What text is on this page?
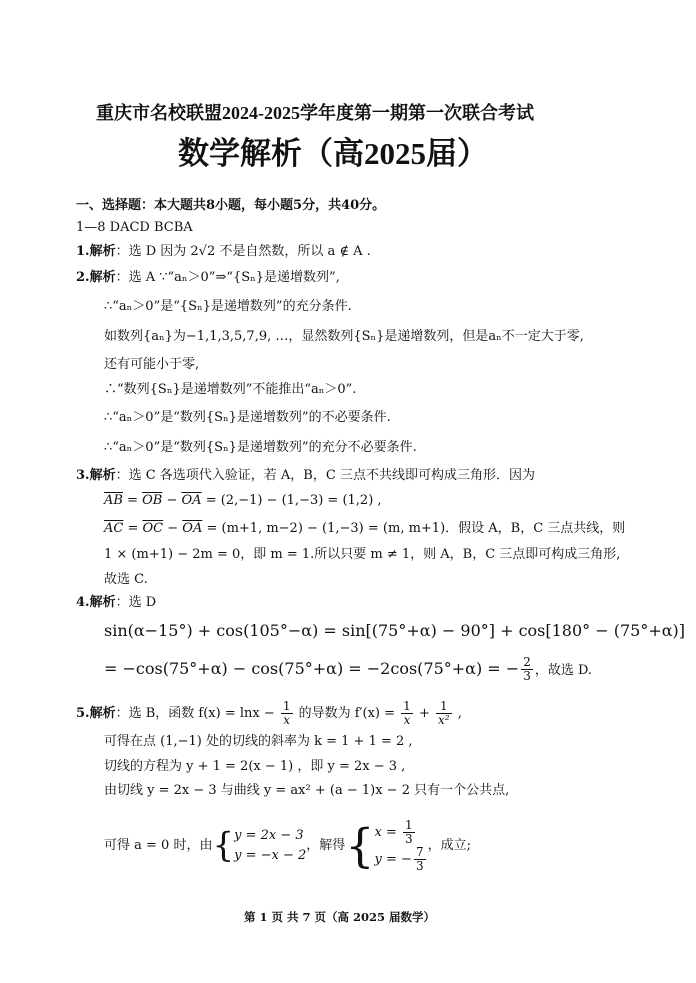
重庆市名校联盟2024-2025学年度第一期第一次联合考试
数学解析（高2025届）
一、选择题：本大题共8小题，每小题5分，共40分。
1—8 DACD BCBA
1.解析：选 D 因为 2√2 不是自然数，所以 a ∉ A .
2.解析：选 A ∵“aₙ＞0”⇒“{Sₙ}是递增数列”,
∴“aₙ＞0”是“{Sₙ}是递增数列”的充分条件.
如数列{aₙ}为−1,1,3,5,7,9, …，显然数列{Sₙ}是递增数列，但是aₙ不一定大于零,
还有可能小于零,
∴“数列{Sₙ}是递增数列”不能推出“aₙ＞0”.
∴“aₙ＞0”是“数列{Sₙ}是递增数列”的不必要条件.
∴“aₙ＞0”是“数列{Sₙ}是递增数列”的充分不必要条件.
3.解析：选 C 各选项代入验证，若 A，B，C 三点不共线即可构成三角形．因为
$\overline{AB} = \overline{OB} - \overline{OA} = (2,-1) - (1,-3) = (1,2)$ ,
$\overline{AC} = \overline{OC} - \overline{OA} = (m+1$, m−2) − (1,−3) = (m, m+1)．假设 A，B，C 三点共线，则
1 × (m+1) − 2m = 0，即 m = 1.所以只要 m ≠ 1，则 A，B，C 三点即可构成三角形,
故选 C.
4.解析：选 D
sin(α−15°) + cos(105°−α) = sin[(75°+α) − 90°] + cos[180° − (75°+α)]
= −cos(75°+α) − cos(75°+α) = −2cos(75°+α) = − $\frac{2}{3}$ ，故选 D.
5.解析：选 B，函数 $f(x) = \ln x - \frac{1}{x}$ 的导数为 $f'(x) = \frac{1}{x} + \frac{1}{\text{x²}}$ ,
可得在点 (1,−1) 处的切线的斜率为 k = 1 + 1 = 2 ,
切线的方程为 y + 1 = 2(x − 1) ，即 y = 2x − 3 ,
由切线 y = 2x − 3 与曲线 y = ax² + (a − 1)x − 2 只有一个公共点,
可得 a = 0 时，由{ y = 2x − 3
y = −x − 2
，解得{ $x = \frac{1}{3}$
y = − $\frac{7}{3}$ ，成立;
第 1 页 共 7 页（高 2025 届数学）
